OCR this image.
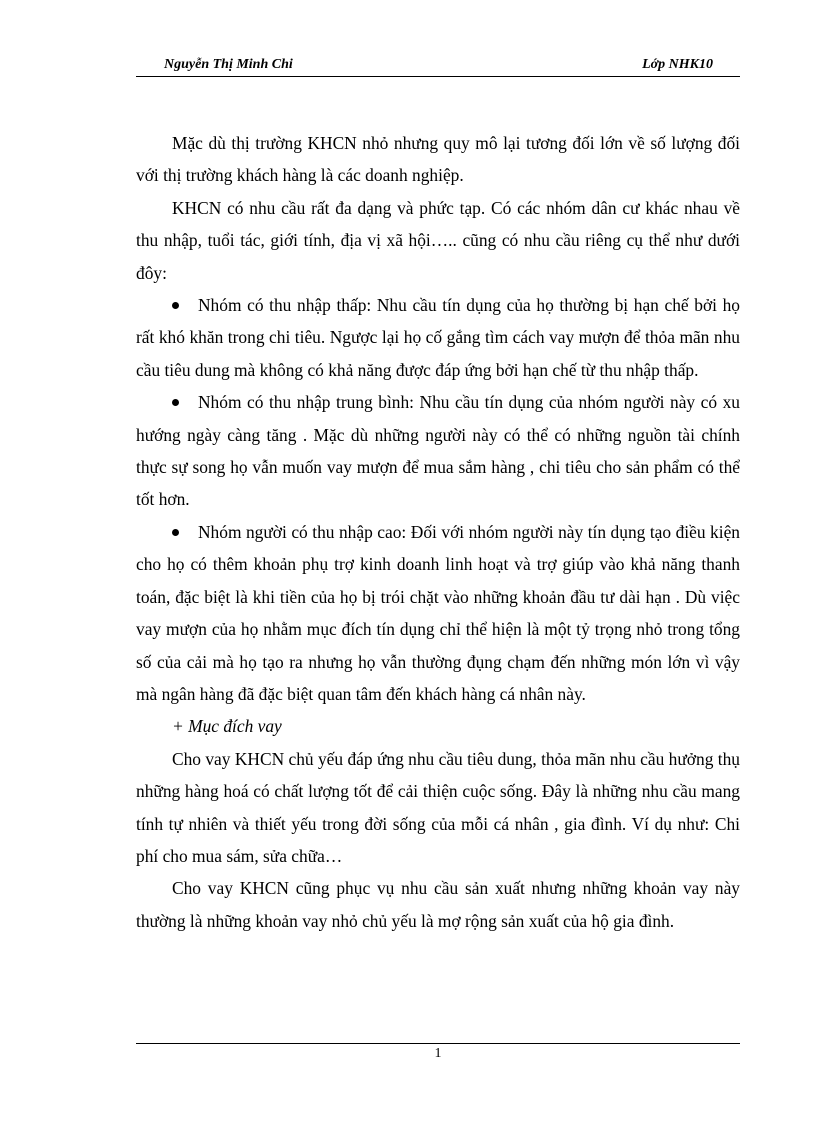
Nguyễn Thị Minh Chi	Lớp NHK10

Mặc dù thị trường KHCN nhỏ nhưng quy mô lại tương đối lớn về số lượng đối với thị trường khách hàng là các doanh nghiệp.

KHCN có nhu cầu rất đa dạng và phức tạp. Có các nhóm dân cư khác nhau về thu nhập, tuổi tác, giới tính, địa vị xã hội….. cũng có nhu cầu riêng cụ thể như dưới đôy:

Nhóm có thu nhập thấp: Nhu cầu tín dụng của họ thường bị hạn chế bởi họ rất khó khăn trong chi tiêu. Ngược lại họ cố gắng tìm cách vay mượn để thỏa mãn nhu cầu tiêu dung mà không có khả năng được đáp ứng bởi hạn chế từ thu nhập thấp.
Nhóm có thu nhập trung bình: Nhu cầu tín dụng của nhóm người này có xu hướng ngày càng tăng . Mặc dù những người này có thể có những nguồn tài chính thực sự song họ vẫn muốn vay mượn để mua sắm hàng , chi tiêu cho sản phẩm có thể tốt hơn.
Nhóm người có thu nhập cao: Đối với nhóm người này tín dụng tạo điều kiện cho họ có thêm khoản phụ trợ kinh doanh linh hoạt và trợ giúp vào khả năng thanh toán, đặc biệt là khi tiền của họ bị trói chặt vào những khoản đầu tư dài hạn . Dù việc vay mượn của họ nhằm mục đích tín dụng chỉ thể hiện là một tỷ trọng nhỏ trong tổng số của cải mà họ tạo ra nhưng họ vẫn thường đụng chạm đến những món lớn vì vậy mà ngân hàng đã đặc biệt quan tâm đến khách hàng cá nhân này.

+ Mục đích vay

Cho vay KHCN chủ yếu đáp ứng nhu cầu tiêu dung, thỏa mãn nhu cầu hưởng thụ những hàng hoá có chất lượng tốt để cải thiện cuộc sống. Đây là những nhu cầu mang tính tự nhiên và thiết yếu trong đời sống của mỗi cá nhân , gia đình. Ví dụ như: Chi phí cho mua sám, sửa chữa…

Cho vay KHCN cũng phục vụ nhu cầu sản xuất nhưng những khoản vay này thường là những khoản vay nhỏ chủ yếu là mợ rộng sản xuất của hộ gia đình.

1
